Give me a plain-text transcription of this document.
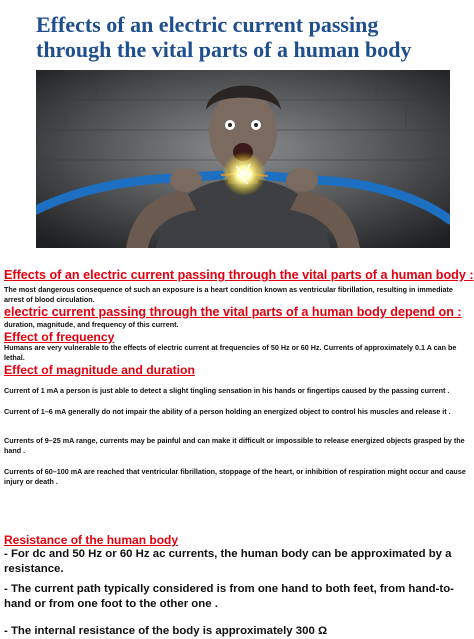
Effects of an electric current passing through the vital parts of a human body
Effects of an electric current passing through the vital parts of a human body :
The most dangerous consequence of such an exposure is a heart condition known as ventricular fibrillation, resulting in immediate arrest of blood circulation.
electric current passing through the vital parts of a human body depend on :
duration, magnitude, and frequency of this current.
Effect of frequency
Humans are very vulnerable to the effects of electric current at frequencies of 50 Hz or 60 Hz. Currents of approximately 0.1 A can be lethal.
Effect of magnitude and duration
Current of 1 mA a person is just able to detect a slight tingling sensation in his hands or fingertips caused by the passing current .
Current of 1–6 mA generally do not impair the ability of a person holding an energized object to control his muscles and release it .
Currents of 9–25 mA range, currents may be painful and can make it difficult or impossible to release energized objects grasped by the hand .
Currents of 60–100 mA are reached that ventricular fibrillation, stoppage of the heart, or inhibition of respiration might occur and cause injury or death .
Resistance of the human body
- For dc and 50 Hz or 60 Hz ac currents, the human body can be approximated by a resistance.
- The current path typically considered is from one hand to both feet, from hand-to-hand or from one foot to the other one .
- The internal resistance of the body is approximately 300 Ω
